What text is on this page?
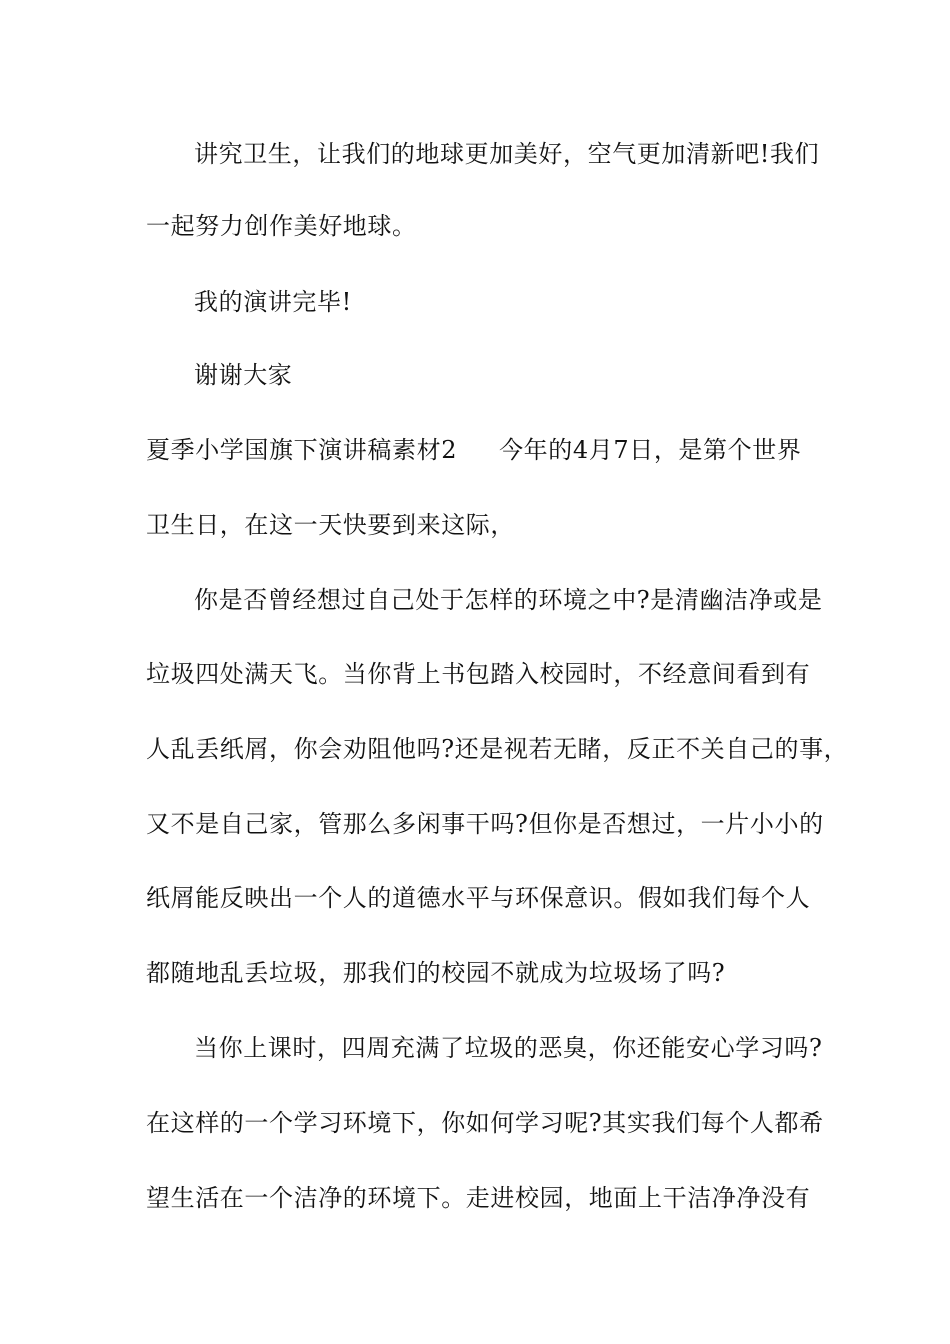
讲究卫生，让我们的地球更加美好，空气更加清新吧!我们
一起努力创作美好地球。
我的演讲完毕!
谢谢大家
夏季小学国旗下演讲稿素材2 今年的4月7日，是第个世界
卫生日，在这一天快要到来这际，
你是否曾经想过自己处于怎样的环境之中?是清幽洁净或是
垃圾四处满天飞。当你背上书包踏入校园时，不经意间看到有
人乱丢纸屑，你会劝阻他吗?还是视若无睹，反正不关自己的事，
又不是自己家，管那么多闲事干吗?但你是否想过，一片小小的
纸屑能反映出一个人的道德水平与环保意识。假如我们每个人
都随地乱丢垃圾，那我们的校园不就成为垃圾场了吗?
当你上课时，四周充满了垃圾的恶臭，你还能安心学习吗?
在这样的一个学习环境下，你如何学习呢?其实我们每个人都希
望生活在一个洁净的环境下。走进校园，地面上干洁净净没有
